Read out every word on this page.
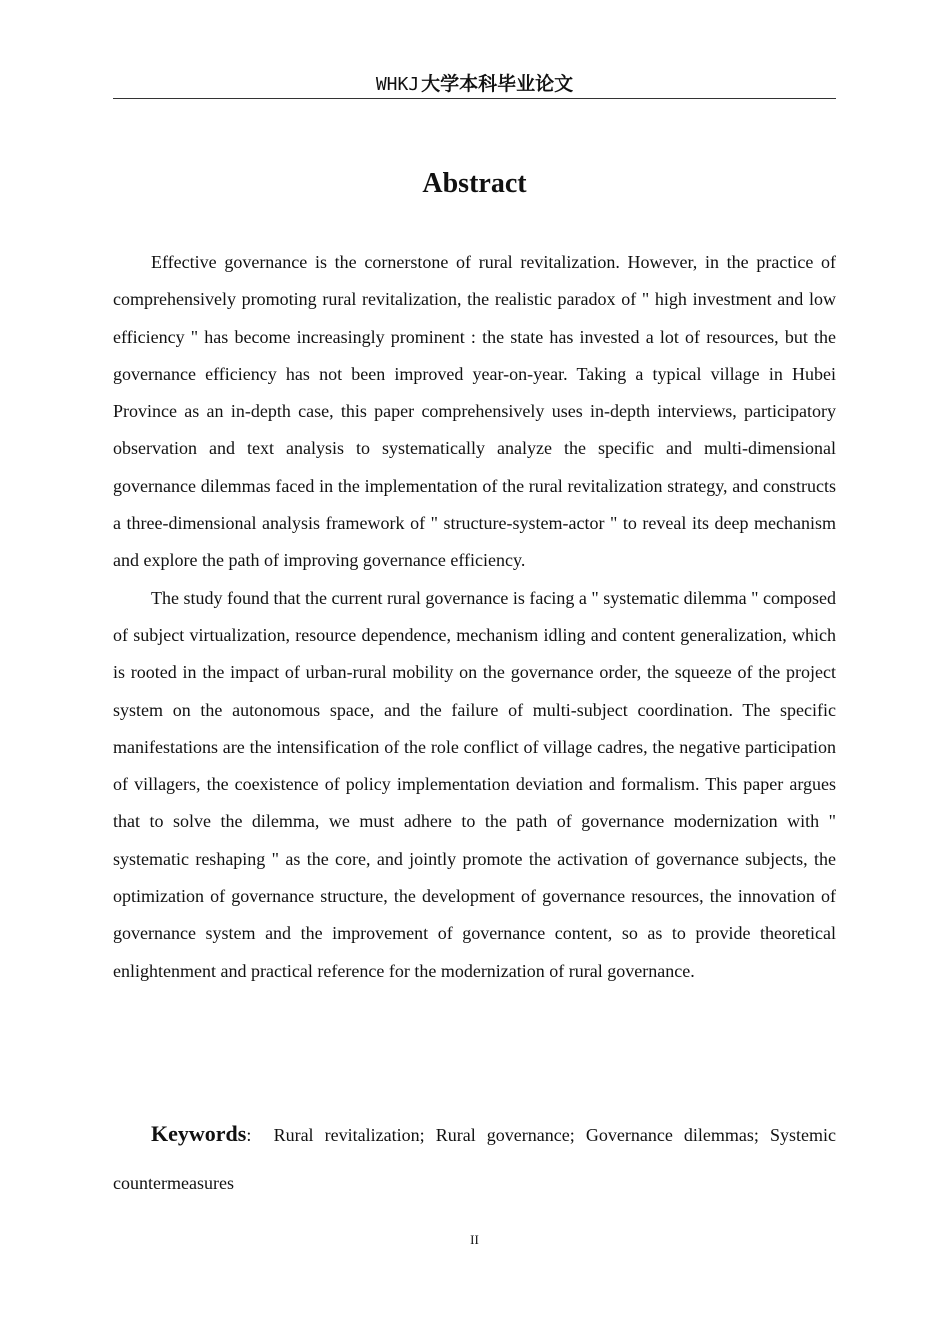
WHKJ 大学本科毕业论文
Abstract

Effective governance is the cornerstone of rural revitalization. However, in the practice of comprehensively promoting rural revitalization, the realistic paradox of " high investment and low efficiency " has become increasingly prominent : the state has invested a lot of resources, but the governance efficiency has not been improved year-on-year. Taking a typical village in Hubei Province as an in-depth case, this paper comprehensively uses in-depth interviews, participatory observation and text analysis to systematically analyze the specific and multi-dimensional governance dilemmas faced in the implementation of the rural revitalization strategy, and constructs a three-dimensional analysis framework of " structure-system-actor " to reveal its deep mechanism and explore the path of improving governance efficiency.

The study found that the current rural governance is facing a " systematic dilemma " composed of subject virtualization, resource dependence, mechanism idling and content generalization, which is rooted in the impact of urban-rural mobility on the governance order, the squeeze of the project system on the autonomous space, and the failure of multi-subject coordination. The specific manifestations are the intensification of the role conflict of village cadres, the negative participation of villagers, the coexistence of policy implementation deviation and formalism. This paper argues that to solve the dilemma, we must adhere to the path of governance modernization with " systematic reshaping " as the core, and jointly promote the activation of governance subjects, the optimization of governance structure, the development of governance resources, the innovation of governance system and the improvement of governance content, so as to provide theoretical enlightenment and practical reference for the modernization of rural governance.

Keywords: Rural revitalization; Rural governance; Governance dilemmas; Systemic countermeasures
II
